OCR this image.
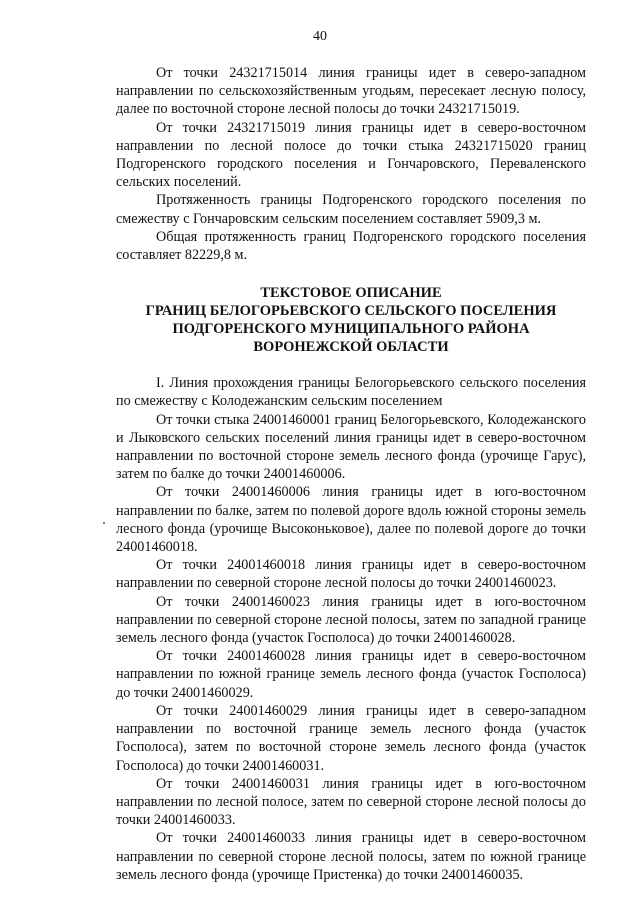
40

От точки 24321715014 линия границы идет в северо-западном направлении по сельскохозяйственным угодьям, пересекает лесную полосу, далее по восточной стороне лесной полосы до точки 24321715019.

От точки 24321715019 линия границы идет в северо-восточном направлении по лесной полосе до точки стыка 24321715020 границ Подгоренского городского поселения и Гончаровского, Переваленского сельских поселений.

Протяженность границы Подгоренского городского поселения по смежеству с Гончаровским сельским поселением составляет 5909,3 м.

Общая протяженность границ Подгоренского городского поселения составляет 82229,8 м.

ТЕКСТОВОЕ ОПИСАНИЕ
ГРАНИЦ БЕЛОГОРЬЕВСКОГО СЕЛЬСКОГО ПОСЕЛЕНИЯ
ПОДГОРЕНСКОГО МУНИЦИПАЛЬНОГО РАЙОНА
ВОРОНЕЖСКОЙ ОБЛАСТИ

I. Линия прохождения границы Белогорьевского сельского поселения по смежеству с Колодежанским сельским поселением

От точки стыка 24001460001 границ Белогорьевского, Колодежанского и Лыковского сельских поселений линия границы идет в северо-восточном направлении по восточной стороне земель лесного фонда (урочище Гарус), затем по балке до точки 24001460006.

От точки 24001460006 линия границы идет в юго-восточном направлении по балке, затем по полевой дороге вдоль южной стороны земель лесного фонда (урочище Высоконьковое), далее по полевой дороге до точки 24001460018.

От точки 24001460018 линия границы идет в северо-восточном направлении по северной стороне лесной полосы до точки 24001460023.

От точки 24001460023 линия границы идет в юго-восточном направлении по северной стороне лесной полосы, затем по западной границе земель лесного фонда (участок Госполоса) до точки 24001460028.

От точки 24001460028 линия границы идет в северо-восточном направлении по южной границе земель лесного фонда (участок Госполоса) до точки 24001460029.

От точки 24001460029 линия границы идет в северо-западном направлении по восточной границе земель лесного фонда (участок Госполоса), затем по восточной стороне земель лесного фонда (участок Госполоса) до точки 24001460031.

От точки 24001460031 линия границы идет в юго-восточном направлении по лесной полосе, затем по северной стороне лесной полосы до точки 24001460033.

От точки 24001460033 линия границы идет в северо-восточном направлении по северной стороне лесной полосы, затем по южной границе земель лесного фонда (урочище Пристенка) до точки 24001460035.
